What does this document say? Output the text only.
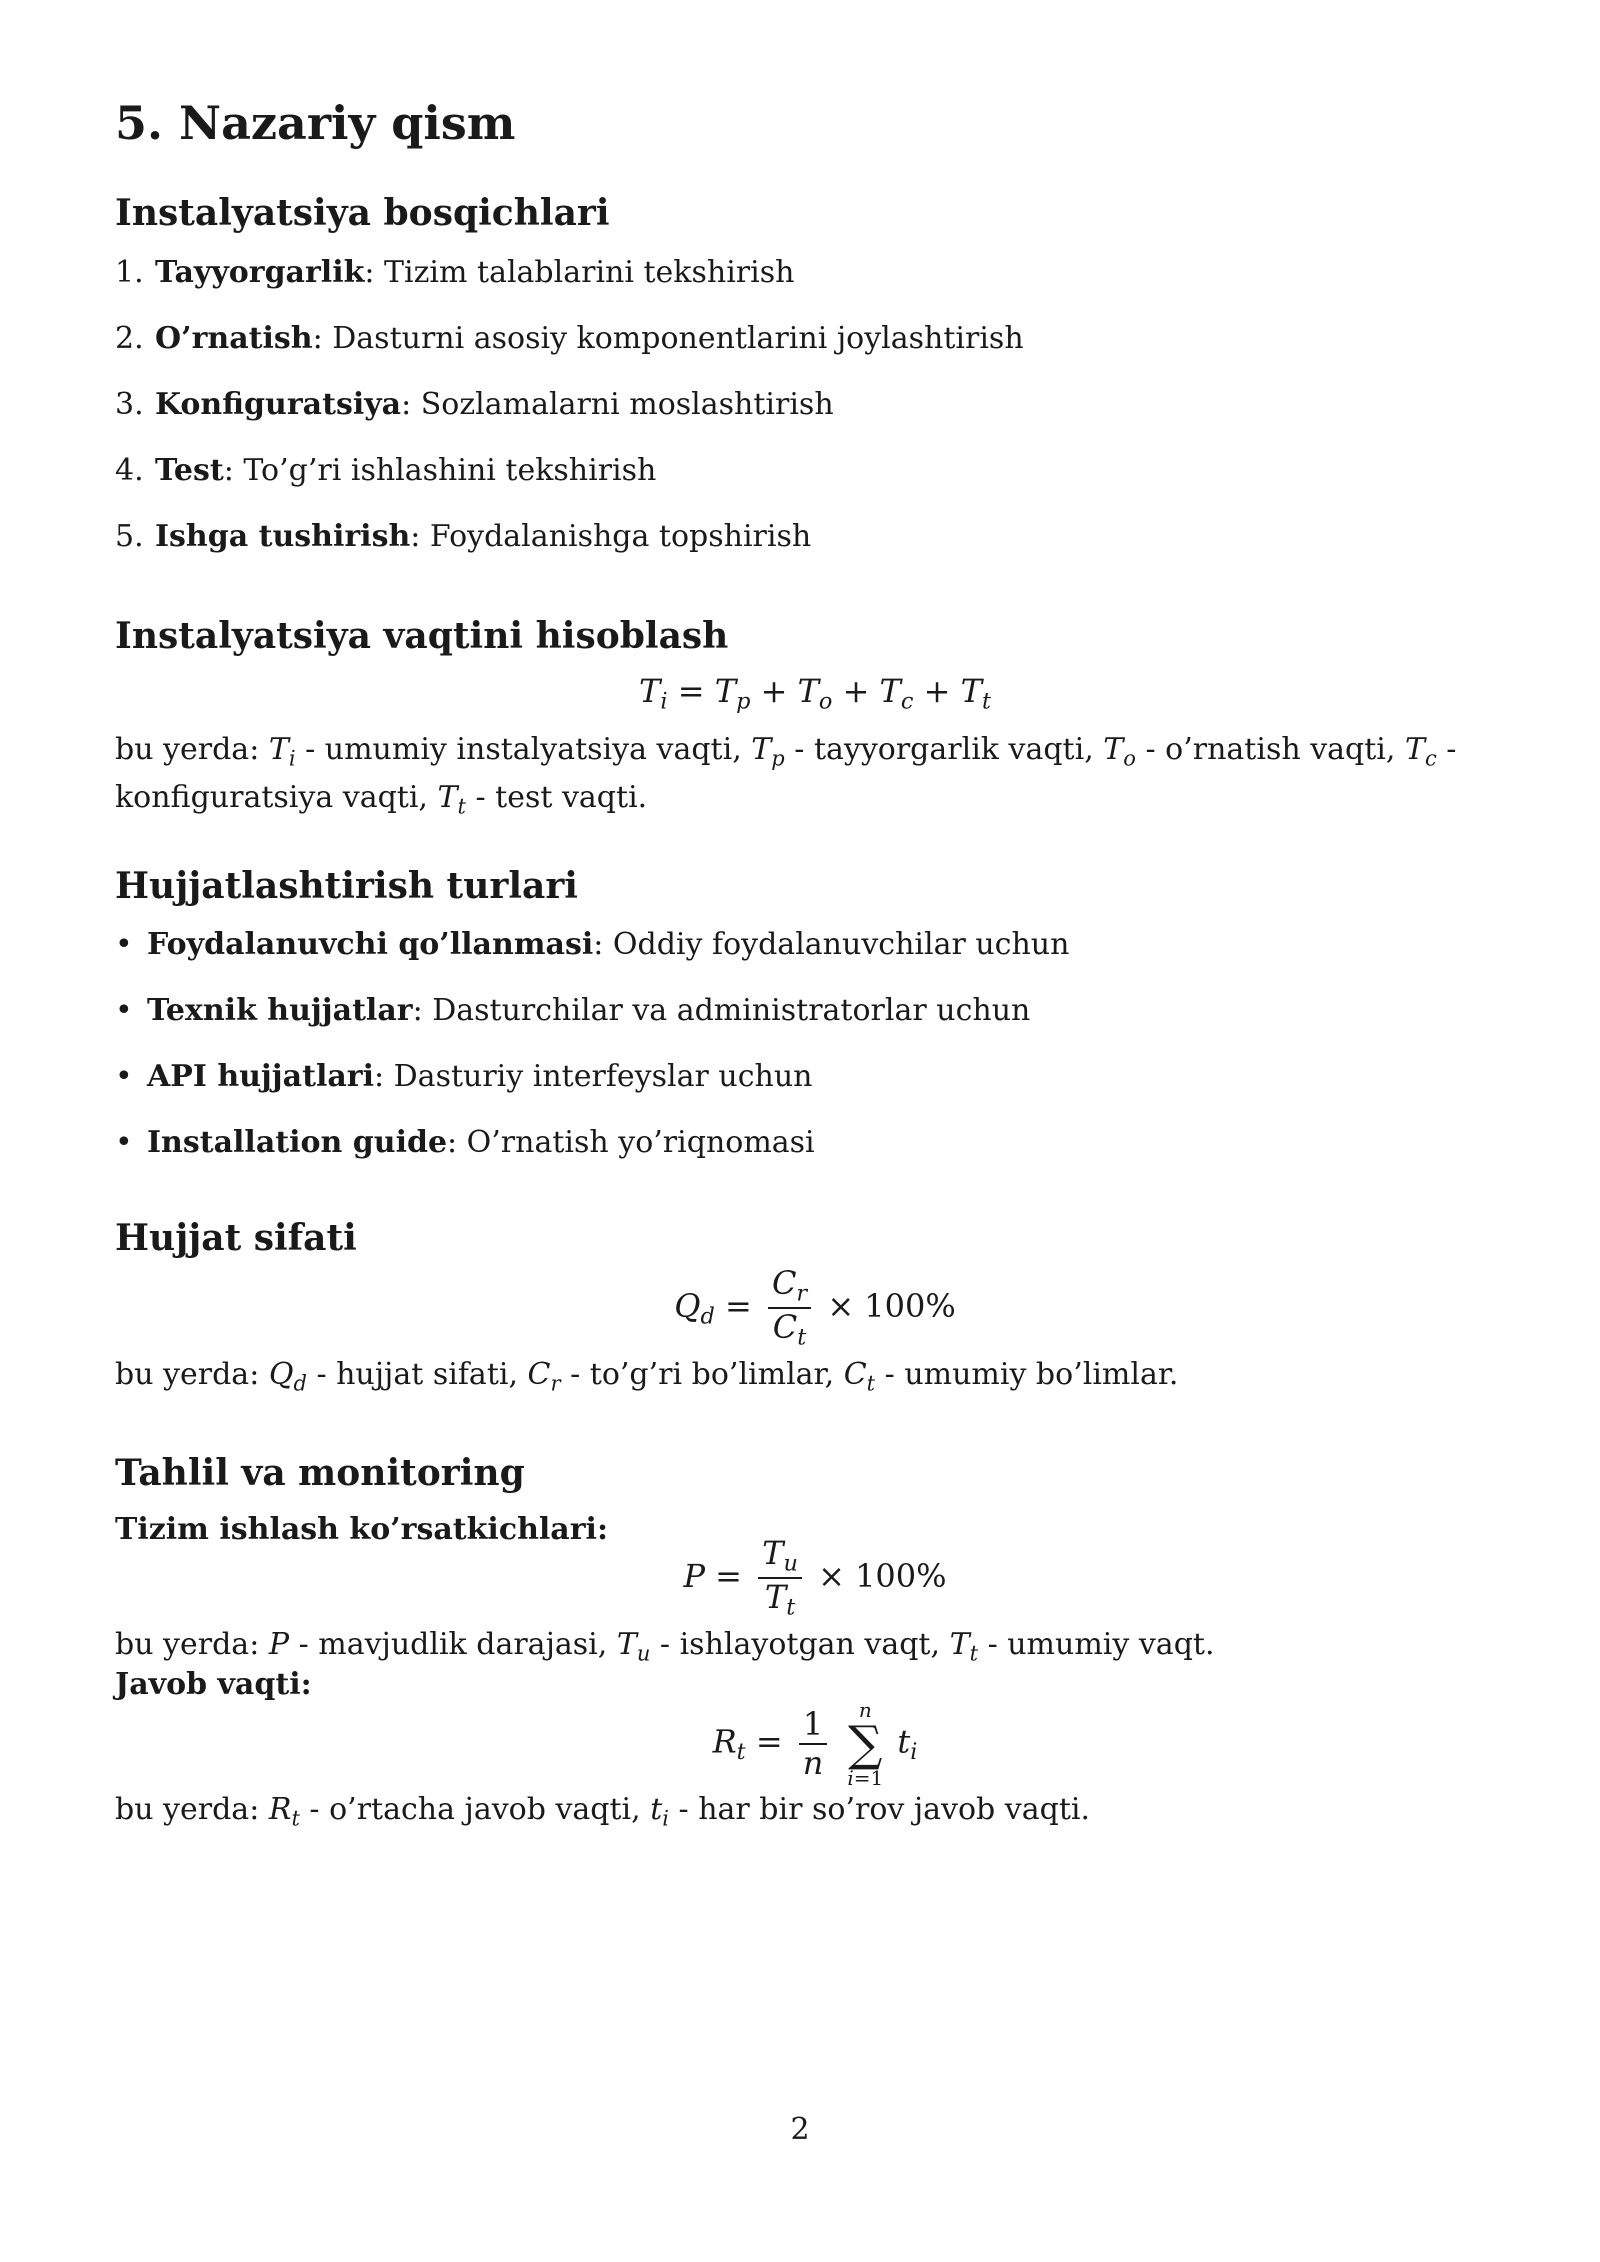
5. Nazariy qism
Instalyatsiya bosqichlari
1. Tayyorgarlik: Tizim talablarini tekshirish
2. O’rnatish: Dasturni asosiy komponentlarini joylashtirish
3. Konfiguratsiya: Sozlamalarni moslashtirish
4. Test: To’g’ri ishlashini tekshirish
5. Ishga tushirish: Foydalanishga topshirish
Instalyatsiya vaqtini hisoblash
$T_i = T_p + T_o + T_c + T_t$

bu yerda: $T_i$ - umumiy instalyatsiya vaqti, $T_p$ - tayyorgarlik vaqti, $T_o$ - o’rnatish vaqti, $T_c$ - konfiguratsiya vaqti, $T_t$ - test vaqti.

Hujjatlashtirish turlari
• Foydalanuvchi qo’llanmasi: Oddiy foydalanuvchilar uchun
• Texnik hujjatlar: Dasturchilar va administratorlar uchun
• API hujjatlari: Dasturiy interfeyslar uchun
• Installation guide: O’rnatish yo’riqnomasi
Hujjat sifati
$Q_d = \frac{C_r}{C_t} \times 100\%$

bu yerda: $Q_d$ - hujjat sifati, $C_r$ - to’g’ri bo’limlar, $C_t$ - umumiy bo’limlar.

Tahlil va monitoring
Tizim ishlash ko’rsatkichlari:
$P = \frac{T_u}{T_t} \times 100\%$

bu yerda: P - mavjudlik darajasi, $T_u$ - ishlayotgan vaqt, $T_t$ - umumiy vaqt.

Javob vaqti:
$R_t = \frac{1}{n}$
	n
∑
i=1
$t_i$

bu yerda: $R_t$ - o’rtacha javob vaqti, $t_i$ - har bir so’rov javob vaqti.

2
